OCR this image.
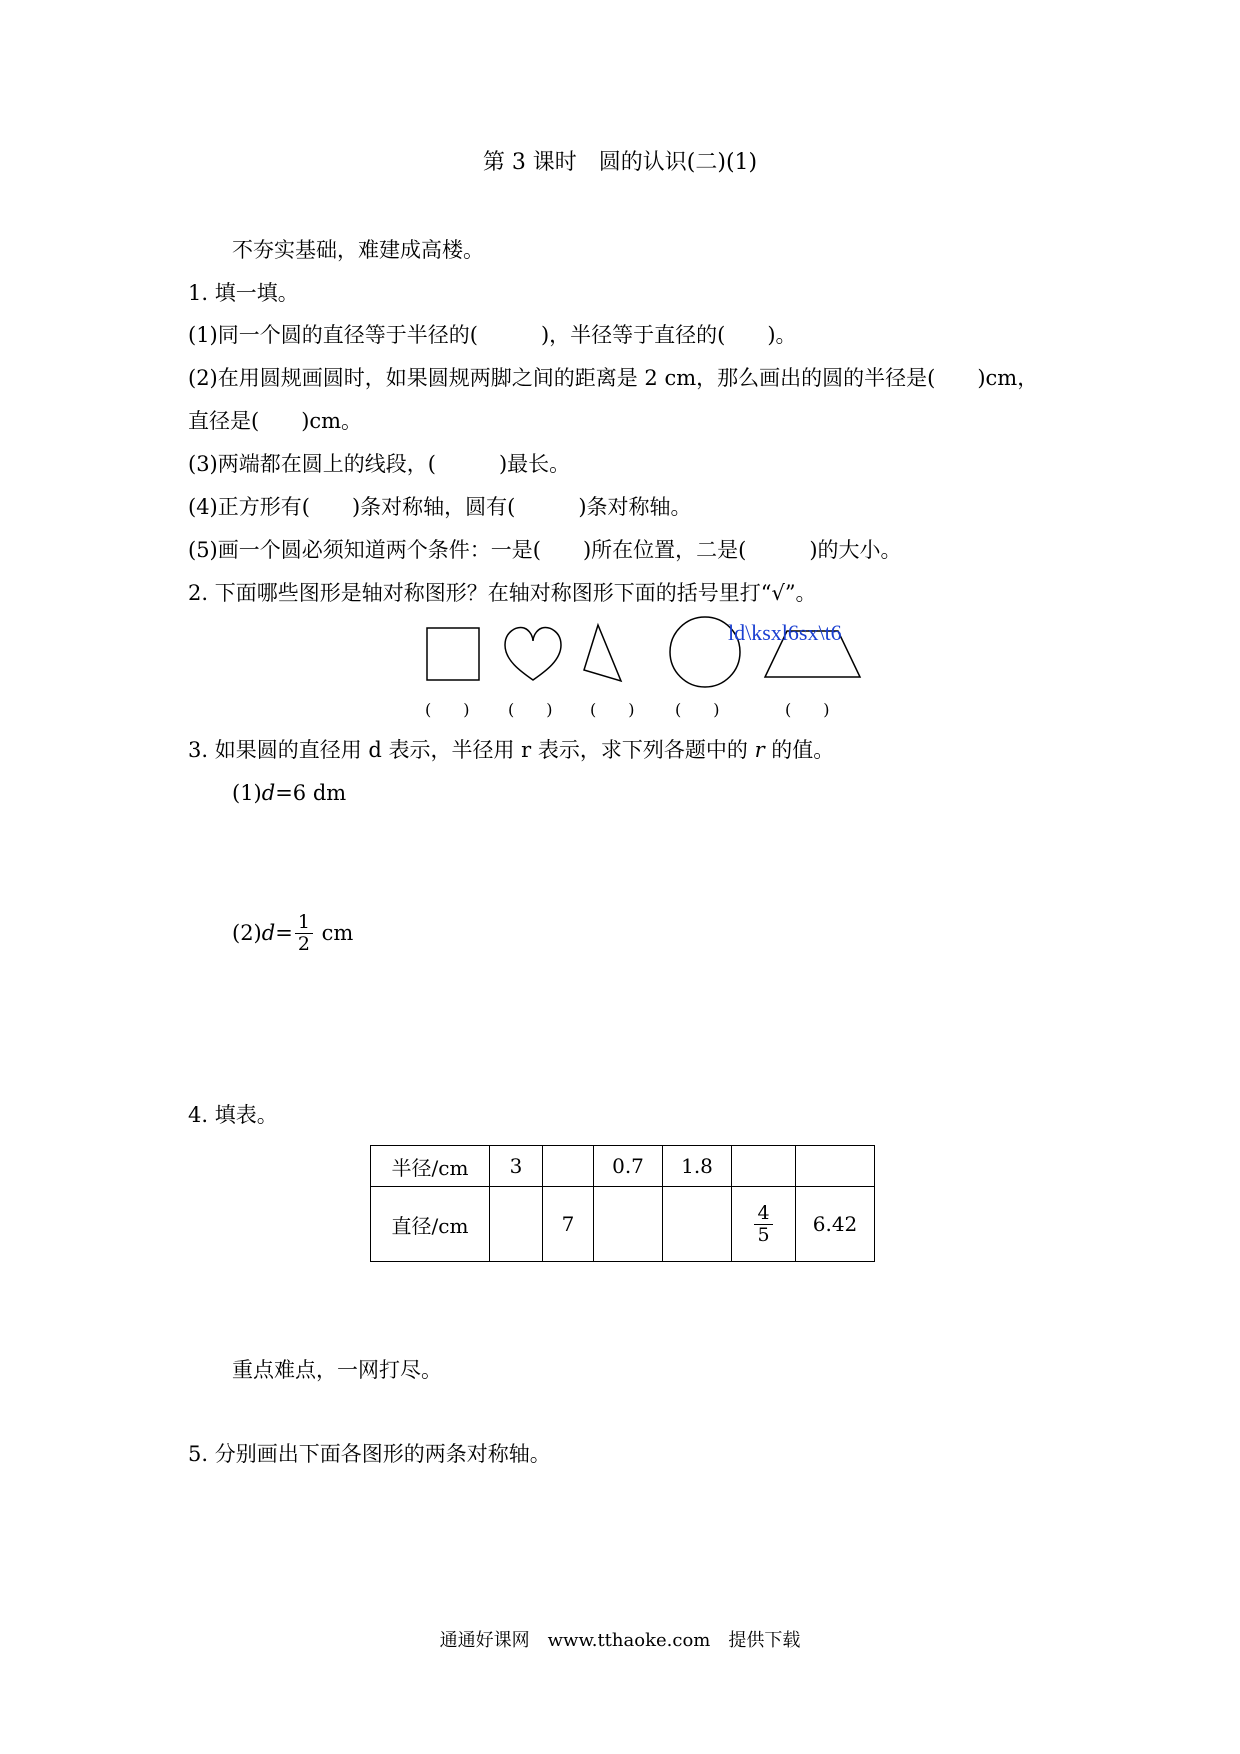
第 3 课时　圆的认识(二)(1)
不夯实基础，难建成高楼。
1. 填一填。
(1)同一个圆的直径等于半径的(　　　)，半径等于直径的(　　)。
(2)在用圆规画圆时，如果圆规两脚之间的距离是 2 cm，那么画出的圆的半径是(　　)cm，
直径是(　　)cm。
(3)两端都在圆上的线段，(　　　)最长。
(4)正方形有(　　)条对称轴，圆有(　　　)条对称轴。
(5)画一个圆必须知道两个条件：一是(　　)所在位置，二是(　　　)的大小。
2. 下面哪些图形是轴对称图形？在轴对称图形下面的括号里打“√”。
ld\ksxl6sx\t6
(　　) (　　) (　　)	(　　)	(　　)
3. 如果圆的直径用 d 表示，半径用 r 表示，求下列各题中的 r 的值。
(1)d=6 dm
$(2)d= \frac{1}{2}$ cm
4. 填表。
半径/cm	3		0.7	1.8		
直径/cm		7			$\frac{4}{5}$	6.42
重点难点，一网打尽。
5. 分别画出下面各图形的两条对称轴。
通通好课网　www.tthaoke.com　提供下载
